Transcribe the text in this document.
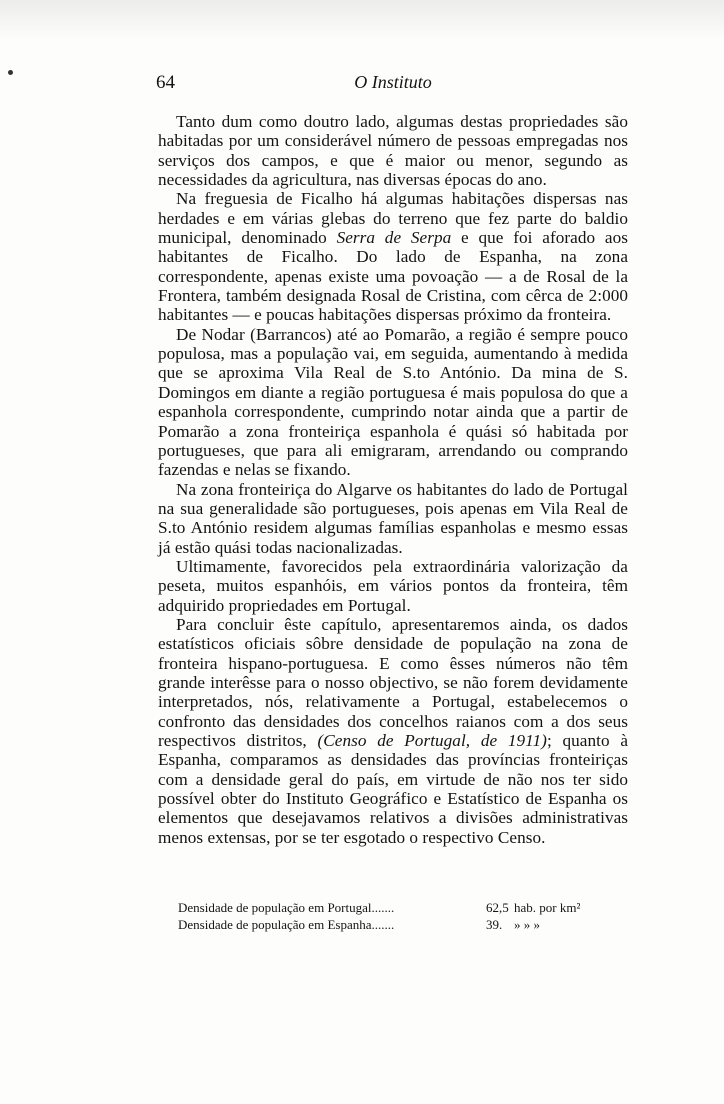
64	O Instituto

Tanto dum como doutro lado, algumas destas propriedades são habitadas por um considerável número de pessoas empregadas nos serviços dos campos, e que é maior ou menor, segundo as necessidades da agricultura, nas diversas épocas do ano.

Na freguesia de Ficalho há algumas habitações dispersas nas herdades e em várias glebas do terreno que fez parte do baldio municipal, denominado Serra de Serpa e que foi aforado aos habitantes de Ficalho. Do lado de Espanha, na zona correspondente, apenas existe uma povoação — a de Rosal de la Frontera, também designada Rosal de Cristina, com cêrca de 2:000 habitantes — e poucas habitações dispersas próximo da fronteira.

De Nodar (Barrancos) até ao Pomarão, a região é sempre pouco populosa, mas a população vai, em seguida, aumentando à medida que se aproxima Vila Real de S.to António. Da mina de S. Domingos em diante a região portuguesa é mais populosa do que a espanhola correspondente, cumprindo notar ainda que a partir de Pomarão a zona fronteiriça espanhola é quási só habitada por portugueses, que para ali emigraram, arrendando ou comprando fazendas e nelas se fixando.

Na zona fronteiriça do Algarve os habitantes do lado de Portugal na sua generalidade são portugueses, pois apenas em Vila Real de S.to António residem algumas famílias espanholas e mesmo essas já estão quási todas nacionalizadas.

Ultimamente, favorecidos pela extraordinária valorização da peseta, muitos espanhóis, em vários pontos da fronteira, têm adquirido propriedades em Portugal.

Para concluir êste capítulo, apresentaremos ainda, os dados estatísticos oficiais sôbre densidade de população na zona de fronteira hispano-portuguesa. E como êsses números não têm grande interêsse para o nosso objectivo, se não forem devidamente interpretados, nós, relativamente a Portugal, estabelecemos o confronto das densidades dos concelhos raianos com a dos seus respectivos distritos, (Censo de Portugal, de 1911); quanto à Espanha, comparamos as densidades das províncias fronteiriças com a densidade geral do país, em virtude de não nos ter sido possível obter do Instituto Geográfico e Estatístico de Espanha os elementos que desejavamos relativos a divisões administrativas menos extensas, por se ter esgotado o respectivo Censo.

Densidade de população em Portugal.......	62,5 hab. por km²
Densidade de população em Espanha.......	39. » » »
